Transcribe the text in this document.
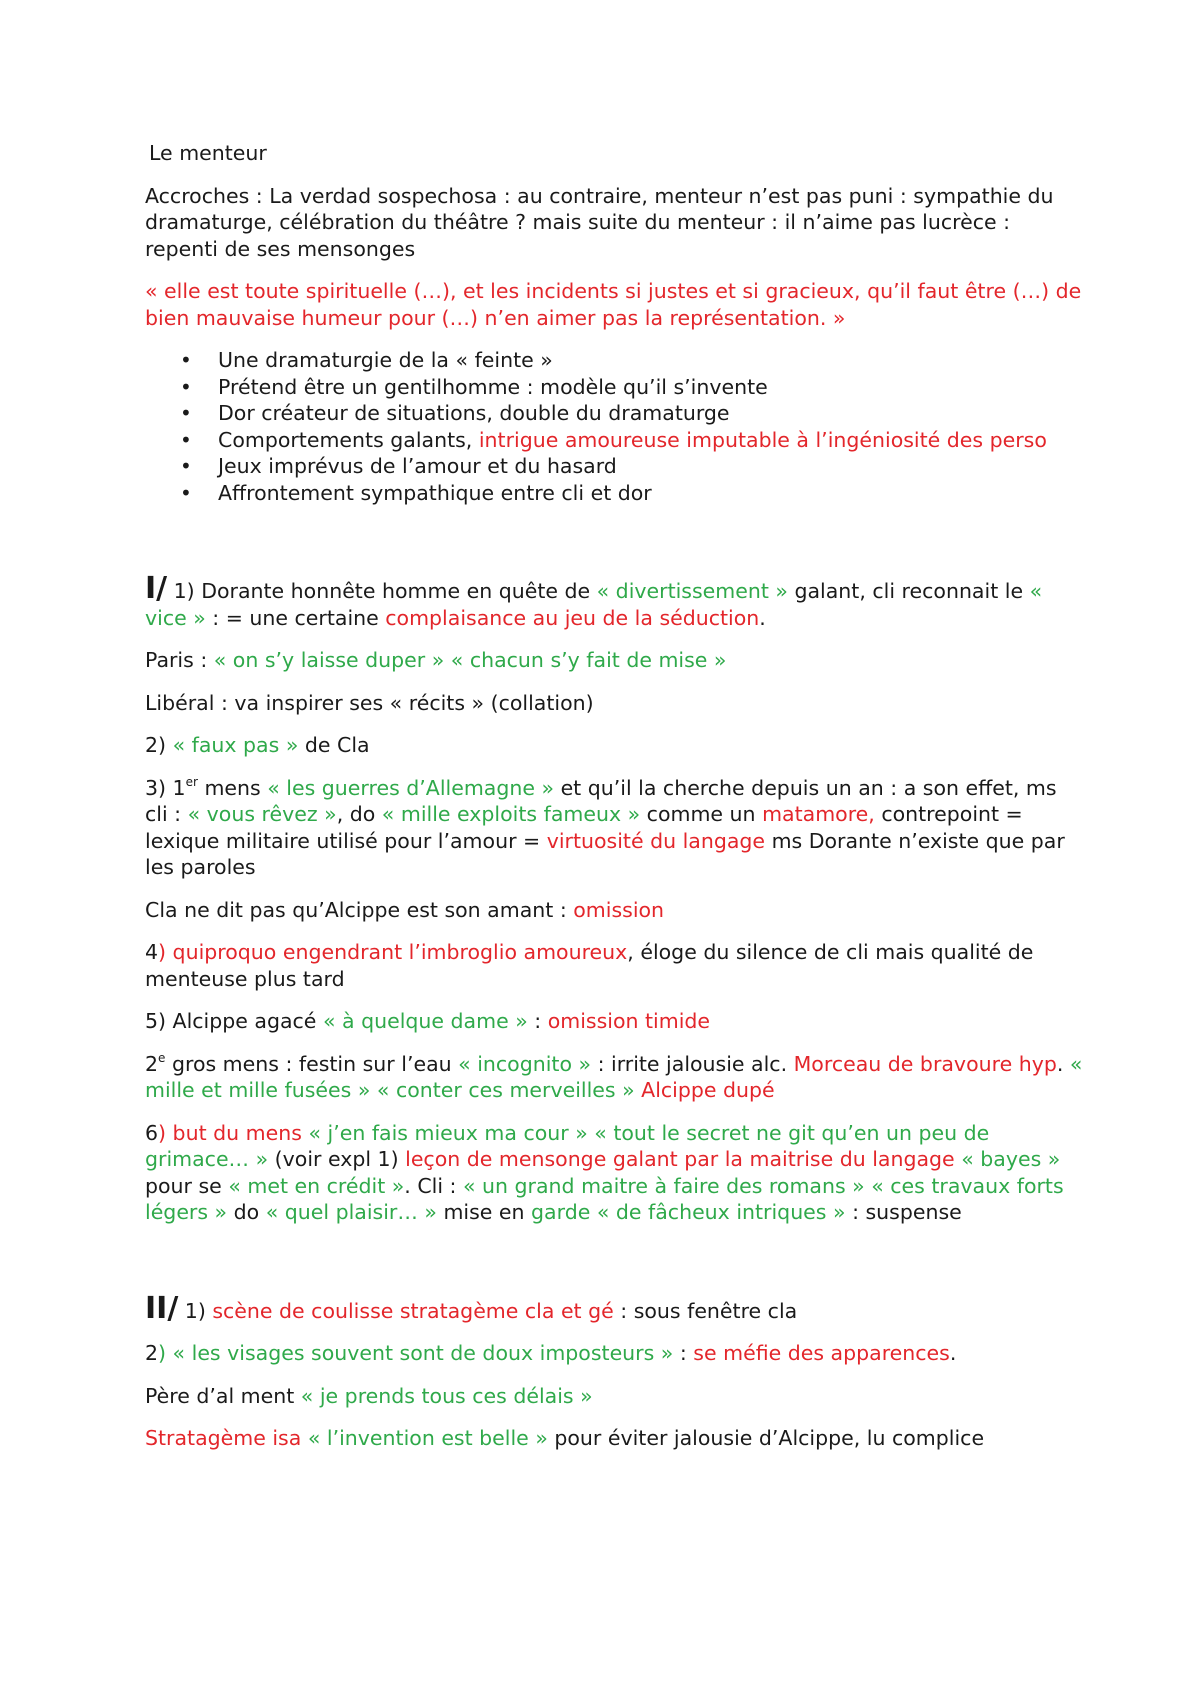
Le menteur

Accroches : La verdad sospechosa : au contraire, menteur n’est pas puni : sympathie du dramaturge, célébration du théâtre ? mais suite du menteur : il n’aime pas lucrèce : repenti de ses mensonges

« elle est toute spirituelle (…), et les incidents si justes et si gracieux, qu’il faut être (…) de bien mauvaise humeur pour (…) n’en aimer pas la représentation. »

• Une dramaturgie de la « feinte »
• Prétend être un gentilhomme : modèle qu’il s’invente
• Dor créateur de situations, double du dramaturge
• Comportements galants, intrigue amoureuse imputable à l’ingéniosité des perso
• Jeux imprévus de l’amour et du hasard
• Affrontement sympathique entre cli et dor

I/ 1) Dorante honnête homme en quête de « divertissement » galant, cli reconnait le « vice » : = une certaine complaisance au jeu de la séduction.

Paris : « on s’y laisse duper » « chacun s’y fait de mise »

Libéral : va inspirer ses « récits » (collation)

2) « faux pas » de Cla

3) 1er mens « les guerres d’Allemagne » et qu’il la cherche depuis un an : a son effet, ms cli : « vous rêvez », do « mille exploits fameux » comme un matamore, contrepoint = lexique militaire utilisé pour l’amour = virtuosité du langage ms Dorante n’existe que par les paroles

Cla ne dit pas qu’Alcippe est son amant : omission

4) quiproquo engendrant l’imbroglio amoureux, éloge du silence de cli mais qualité de menteuse plus tard

5) Alcippe agacé « à quelque dame » : omission timide

2e gros mens : festin sur l’eau « incognito » : irrite jalousie alc. Morceau de bravoure hyp. « mille et mille fusées » « conter ces merveilles » Alcippe dupé

6) but du mens « j’en fais mieux ma cour » « tout le secret ne git qu’en un peu de grimace… » (voir expl 1) leçon de mensonge galant par la maitrise du langage « bayes » pour se « met en crédit ». Cli : « un grand maitre à faire des romans » « ces travaux forts légers » do « quel plaisir… » mise en garde « de fâcheux intriques » : suspense

II/ 1) scène de coulisse stratagème cla et gé : sous fenêtre cla

2) « les visages souvent sont de doux imposteurs » : se méfie des apparences.

Père d’al ment « je prends tous ces délais »

Stratagème isa « l’invention est belle » pour éviter jalousie d’Alcippe, lu complice
